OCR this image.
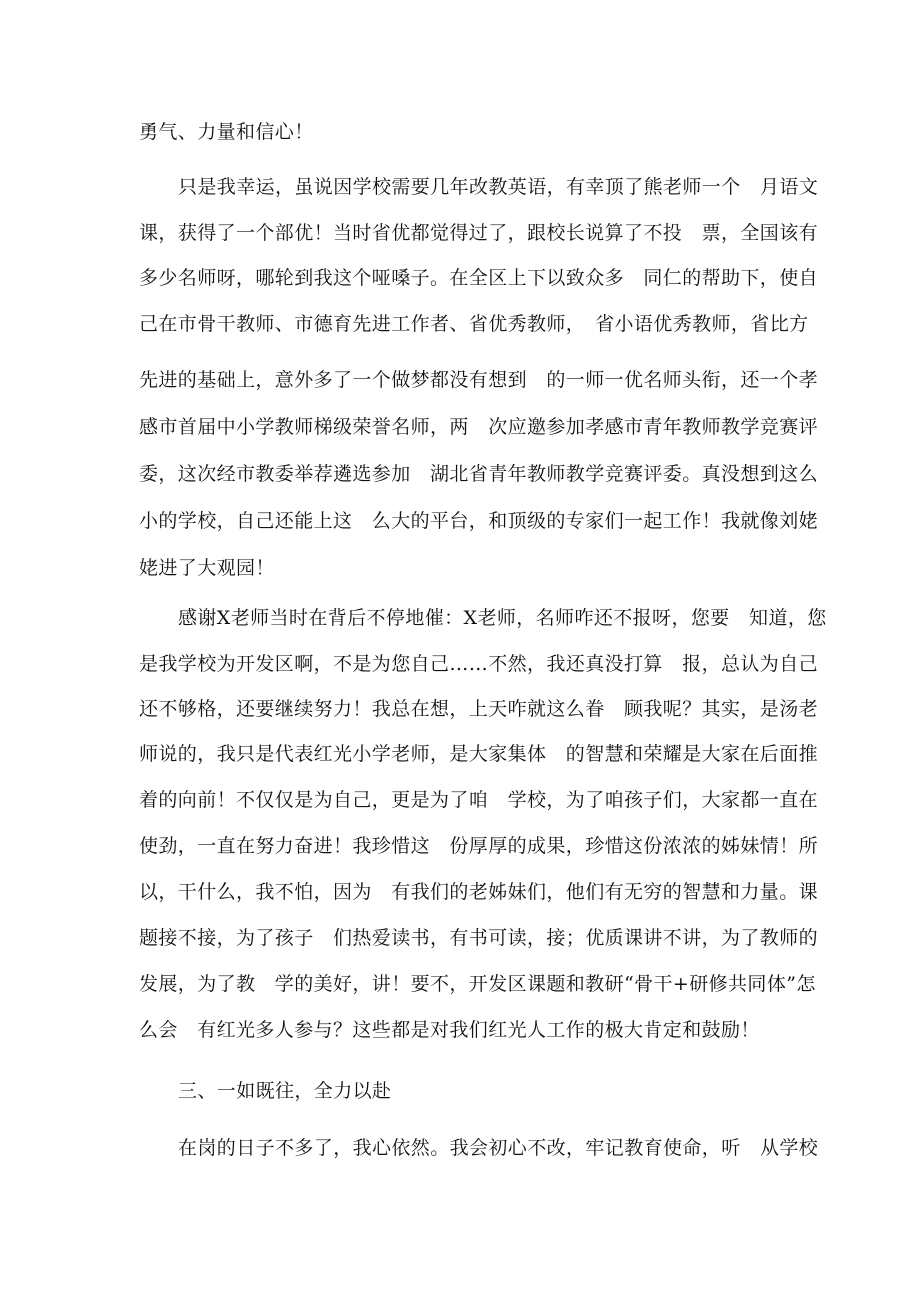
勇气、力量和信心！
只是我幸运，虽说因学校需要几年改教英语，有幸顶了熊老师一个　月语文
课，获得了一个部优！当时省优都觉得过了，跟校长说算了不投　票，全国该有
多少名师呀，哪轮到我这个哑嗓子。在全区上下以致众多　同仁的帮助下，使自
己在市骨干教师、市德育先进工作者、省优秀教师，　省小语优秀教师，省比方
先进的基础上，意外多了一个做梦都没有想到　的一师一优名师头衔，还一个孝
感市首届中小学教师梯级荣誉名师，两　次应邀参加孝感市青年教师教学竞赛评
委，这次经市教委举荐遴选参加　湖北省青年教师教学竞赛评委。真没想到这么
小的学校，自己还能上这　么大的平台，和顶级的专家们一起工作！我就像刘姥
姥进了大观园！
感谢X老师当时在背后不停地催：X老师，名师咋还不报呀，您要　知道，您
是我学校为开发区啊，不是为您自己……不然，我还真没打算　报，总认为自己
还不够格，还要继续努力！我总在想，上天咋就这么眷　顾我呢？其实，是汤老
师说的，我只是代表红光小学老师，是大家集体　的智慧和荣耀是大家在后面推
着的向前！不仅仅是为自己，更是为了咱　学校，为了咱孩子们，大家都一直在
使劲，一直在努力奋进！我珍惜这　份厚厚的成果，珍惜这份浓浓的姊妹情！所
以，干什么，我不怕，因为　有我们的老姊妹们，他们有无穷的智慧和力量。课
题接不接，为了孩子　们热爱读书，有书可读，接；优质课讲不讲，为了教师的
发展，为了教　学的美好，讲！要不，开发区课题和教研“骨干+研修共同体”怎
么会　有红光多人参与？这些都是对我们红光人工作的极大肯定和鼓励！
三、一如既往，全力以赴
在岗的日子不多了，我心依然。我会初心不改，牢记教育使命，听　从学校
